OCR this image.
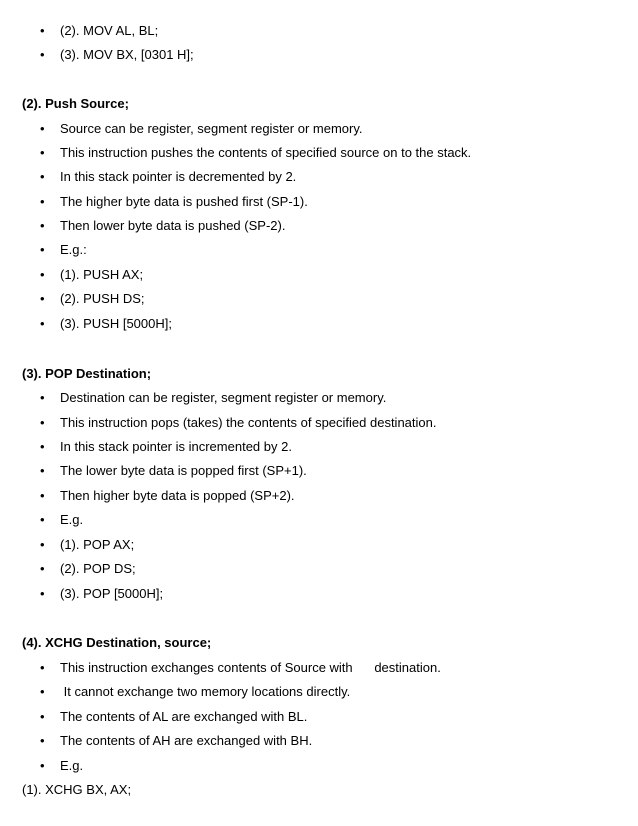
• (2). MOV AL, BL;
• (3). MOV BX, [0301 H];
(2). Push Source;
• Source can be register, segment register or memory.
• This instruction pushes the contents of specified source on to the stack.
• In this stack pointer is decremented by 2.
• The higher byte data is pushed first (SP-1).
• Then lower byte data is pushed (SP-2).
• E.g.:
• (1). PUSH AX;
• (2). PUSH DS;
• (3). PUSH [5000H];
(3). POP Destination;
• Destination can be register, segment register or memory.
• This instruction pops (takes) the contents of specified destination.
• In this stack pointer is incremented by 2.
• The lower byte data is popped first (SP+1).
• Then higher byte data is popped (SP+2).
• E.g.
• (1). POP AX;
• (2). POP DS;
• (3). POP [5000H];
(4). XCHG Destination, source;
• This instruction exchanges contents of Source with      destination.
• It cannot exchange two memory locations directly.
• The contents of AL are exchanged with BL.
• The contents of AH are exchanged with BH.
• E.g.
(1). XCHG BX, AX;
